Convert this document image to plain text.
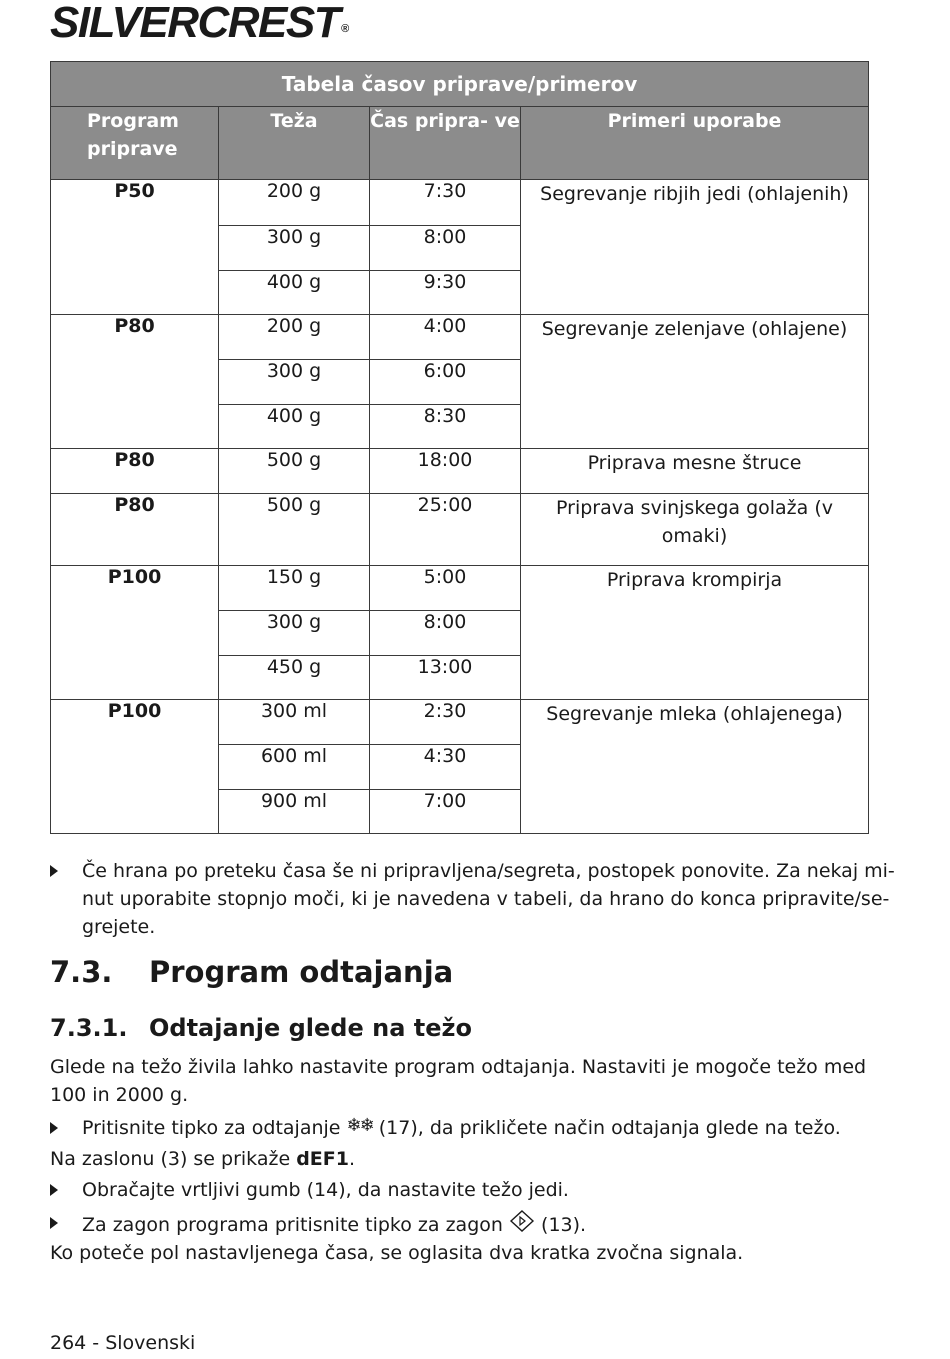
SILVERCREST ®
Tabela časov priprave/primerov			
Program priprave	Teža	Čas pripra- ve	Primeri uporabe
P50	200 g	7:30	Segrevanje ribjih jedi (ohlajenih)
	300 g	8:00	
	400 g	9:30	
P80	200 g	4:00	Segrevanje zelenjave (ohlajene)
	300 g	6:00	
	400 g	8:30	
P80	500 g	18:00	Priprava mesne štruce
P80	500 g	25:00	Priprava svinjskega golaža (v omaki)
P100	150 g	5:00	Priprava krompirja
	300 g	8:00	
	450 g	13:00	
P100	300 ml	2:30	Segrevanje mleka (ohlajenega)
	600 ml	4:30	
	900 ml	7:00	
Če hrana po preteku časa še ni pripravljena/segreta, postopek ponovite. Za nekaj mi-
nut uporabite stopnjo moči, ki je navedena v tabeli, da hrano do konca pripravite/se-
grejete.
7.3. Program odtajanja
7.3.1. Odtajanje glede na težo
Glede na težo živila lahko nastavite program odtajanja. Nastaviti je mogoče težo med
100 in 2000 g.
Pritisnite tipko za odtajanje ❄❄ (17), da prikličete način odtajanja glede na težo.
Na zaslonu (3) se prikaže dEF1.
Obračajte vrtljivi gumb (14), da nastavite težo jedi.
Za zagon programa pritisnite tipko za zagon (13).
Ko poteče pol nastavljenega časa, se oglasita dva kratka zvočna signala.
264 - Slovenski
